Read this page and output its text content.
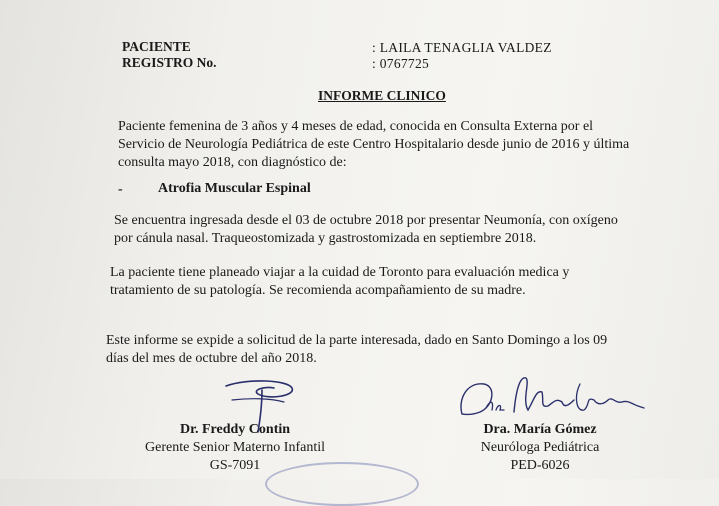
PACIENTE	: LAILA TENAGLIA VALDEZ
REGISTRO No.	: 0767725
INFORME CLINICO
Paciente femenina de 3 años y 4 meses de edad, conocida en Consulta Externa por el
Servicio de Neurología Pediátrica de este Centro Hospitalario desde junio de 2016 y última
consulta mayo 2018, con diagnóstico de:
-	Atrofia Muscular Espinal
Se encuentra ingresada desde el 03 de octubre 2018 por presentar Neumonía, con oxígeno
por cánula nasal. Traqueostomizada y gastrostomizada en septiembre 2018.
La paciente tiene planeado viajar a la cuidad de Toronto para evaluación medica y
tratamiento de su patología. Se recomienda acompañamiento de su madre.
Este informe se expide a solicitud de la parte interesada, dado en Santo Domingo a los 09
días del mes de octubre del año 2018.
Dr. Freddy Contin
Gerente Senior Materno Infantil
GS-7091
Dra. María Gómez
Neuróloga Pediátrica
PED-6026
